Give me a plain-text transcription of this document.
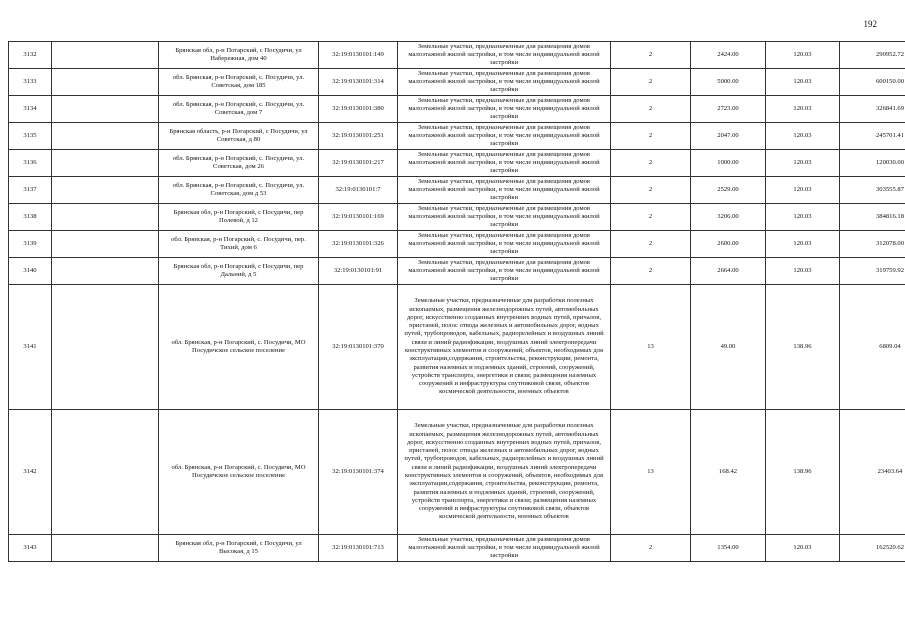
192
3132		Брянская обл, р-н Погарский, с Посудичи, ул Набережная, дом 40	32:19:0130101:149	Земельные участки, предназначенные для размещения домов малоэтажной жилой застройки, в том числе индивидуальной жилой застройки	2	2424.00	120.03	290952.72
3133		обл. Брянская, р-н Погарский, с. Посудичи, ул. Советская, дом 185	32:19:0130101:314	Земельные участки, предназначенные для размещения домов малоэтажной жилой застройки, в том числе индивидуальной жилой застройки	2	5000.00	120.03	600150.00
3134		обл. Брянская, р-н Погарский, с. Посудичи, ул. Советская, дом 7	32:19:0130101:380	Земельные участки, предназначенные для размещения домов малоэтажной жилой застройки, в том числе индивидуальной жилой застройки	2	2723.00	120.03	326841.69
3135		Брянская область, р-н Погарский, с Посудичи, ул Советская, д 80	32:19:0130101:251	Земельные участки, предназначенные для размещения домов малоэтажной жилой застройки, в том числе индивидуальной жилой застройки	2	2047.00	120.03	245701.41
3136		обл. Брянская, р-н Погарский, с. Посудичи, ул. Советская, дом 26	32:19:0130101:217	Земельные участки, предназначенные для размещения домов малоэтажной жилой застройки, в том числе индивидуальной жилой застройки	2	1000.00	120.03	120030.00
3137		обл. Брянская, р-н Погарский, с. Посудичи, ул. Советская, дом д 53	32:19:0130101:7	Земельные участки, предназначенные для размещения домов малоэтажной жилой застройки, в том числе индивидуальной жилой застройки	2	2529.00	120.03	303555.87
3138		Брянская обл, р-н Погарский, с Посудичи, пер Полевой, д 12	32:19:0130101:169	Земельные участки, предназначенные для размещения домов малоэтажной жилой застройки, в том числе индивидуальной жилой застройки	2	3206.00	120.03	384816.18
3139		обл. Брянская, р-н Погарский, с. Посудичи, пер. Тихий, дом 6	32:19:0130101:326	Земельные участки, предназначенные для размещения домов малоэтажной жилой застройки, в том числе индивидуальной жилой застройки	2	2600.00	120.03	312078.00
3140		Брянская обл, р-н Погарский, с Посудичи, пер Дальний, д 5	32:19:0130101:91	Земельные участки, предназначенные для размещения домов малоэтажной жилой застройки, в том числе индивидуальной жилой застройки	2	2664.00	120.03	319759.92
3141		обл. Брянская, р-н Погарский, с. Посудичи, МО Посудичское сельское поселение	32:19:0130101:370	Земельные участки, предназначенные для разработки полезных ископаемых, размещения железнодорожных путей, автомобильных дорог, искусственно созданных внутренних водных путей, причалов, пристаней, полос отвода железных и автомобильных дорог, водных путей, трубопроводов, кабельных, радиорелейных и воздушных линий связи и линий радиофикации, воздушных линий электропередачи конструктивных элементов и сооружений, объектов, необходимых для эксплуатации,содержания, строительства, реконструкции, ремонта, развития наземных и подземных зданий, строений, сооружений, устройств транспорта, энергетики и связи; размещения наземных сооружений и инфраструктуры спутниковой связи, объектов космической деятельности, военных объектов	13	49.00	138.96	6809.04
3142		обл. Брянская, р-н Погарский, с. Посудичи, МО Посудичское сельское поселение	32:19:0130101:374	Земельные участки, предназначенные для разработки полезных ископаемых, размещения железнодорожных путей, автомобильных дорог, искусственно созданных внутренних водных путей, причалов, пристаней, полос отвода железных и автомобильных дорог, водных путей, трубопроводов, кабельных, радиорелейных и воздушных линий связи и линий радиофикации, воздушных линий электропередачи конструктивных элементов и сооружений, объектов, необходимых для эксплуатации,содержания, строительства, реконструкции, ремонта, развития наземных и подземных зданий, строений, сооружений, устройств транспорта, энергетики и связи; размещения наземных сооружений и инфраструктуры спутниковой связи, объектов космической деятельности, военных объектов	13	168.42	138.96	23403.64
3143		Брянская обл, р-н Погарский, с Посудичи, ул Высокая, д 15	32:19:0130101:713	Земельные участки, предназначенные для размещения домов малоэтажной жилой застройки, в том числе индивидуальной жилой застройки	2	1354.00	120.03	162520.62
